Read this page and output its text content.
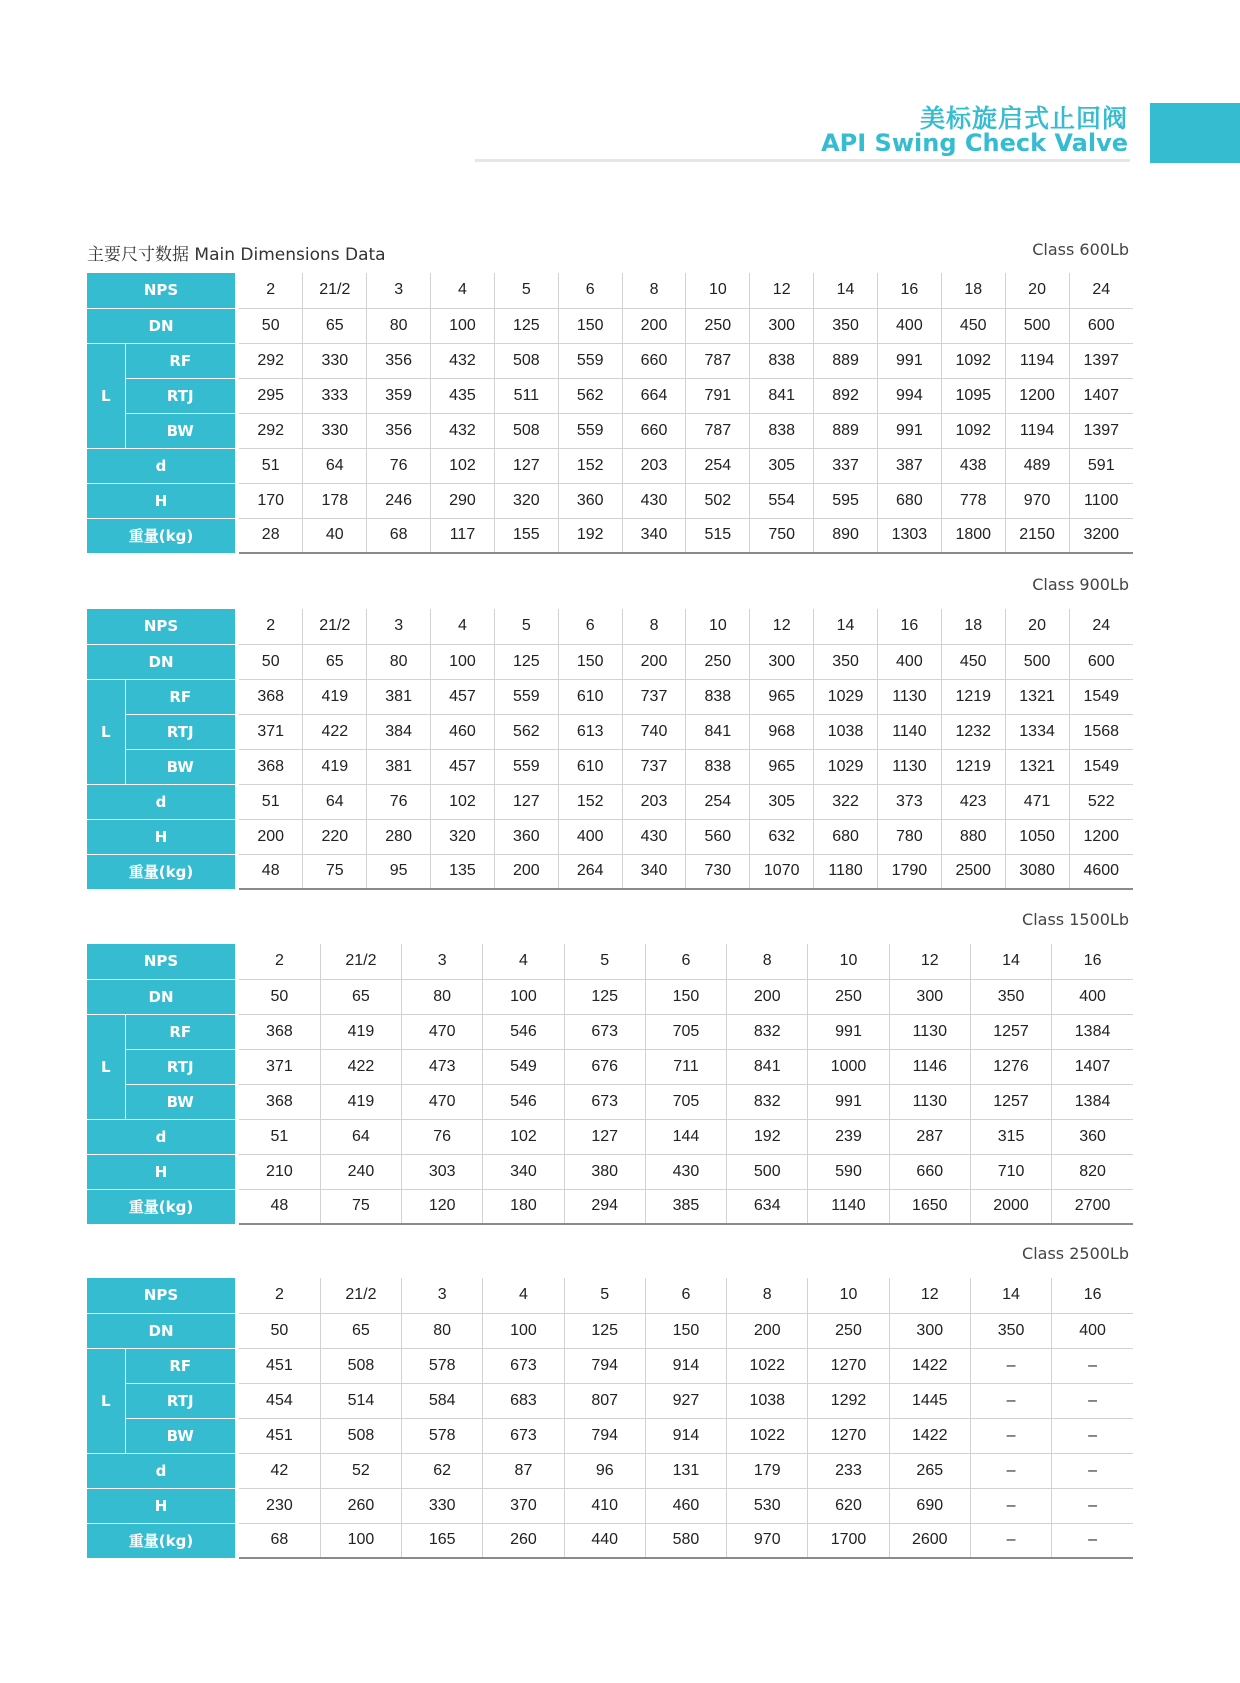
美标旋启式止回阀
API Swing Check Valve
主要尺寸数据 Main Dimensions Data	Class 600Lb
NPS			2	21/2	3	4	5	6	8	10	12	14	16	18	20	24
DN			50	65	80	100	125	150	200	250	300	350	400	450	500	600
L	RF		292	330	356	432	508	559	660	787	838	889	991	1092	1194	1397
	RTJ		295	333	359	435	511	562	664	791	841	892	994	1095	1200	1407
	BW		292	330	356	432	508	559	660	787	838	889	991	1092	1194	1397
d			51	64	76	102	127	152	203	254	305	337	387	438	489	591
H			170	178	246	290	320	360	430	502	554	595	680	778	970	1100
重量(kg)			28	40	68	117	155	192	340	515	750	890	1303	1800	2150	3200
Class 900Lb
NPS			2	21/2	3	4	5	6	8	10	12	14	16	18	20	24
DN			50	65	80	100	125	150	200	250	300	350	400	450	500	600
L	RF		368	419	381	457	559	610	737	838	965	1029	1130	1219	1321	1549
	RTJ		371	422	384	460	562	613	740	841	968	1038	1140	1232	1334	1568
	BW		368	419	381	457	559	610	737	838	965	1029	1130	1219	1321	1549
d			51	64	76	102	127	152	203	254	305	322	373	423	471	522
H			200	220	280	320	360	400	430	560	632	680	780	880	1050	1200
重量(kg)			48	75	95	135	200	264	340	730	1070	1180	1790	2500	3080	4600
Class 1500Lb
NPS			2	21/2	3	4	5	6	8	10	12	14	16
DN			50	65	80	100	125	150	200	250	300	350	400
L	RF		368	419	470	546	673	705	832	991	1130	1257	1384
	RTJ		371	422	473	549	676	711	841	1000	1146	1276	1407
	BW		368	419	470	546	673	705	832	991	1130	1257	1384
d			51	64	76	102	127	144	192	239	287	315	360
H			210	240	303	340	380	430	500	590	660	710	820
重量(kg)			48	75	120	180	294	385	634	1140	1650	2000	2700
Class 2500Lb
NPS			2	21/2	3	4	5	6	8	10	12	14	16
DN			50	65	80	100	125	150	200	250	300	350	400
L	RF		451	508	578	673	794	914	1022	1270	1422	–	–
	RTJ		454	514	584	683	807	927	1038	1292	1445	–	–
	BW		451	508	578	673	794	914	1022	1270	1422	–	–
d			42	52	62	87	96	131	179	233	265	–	–
H			230	260	330	370	410	460	530	620	690	–	–
重量(kg)			68	100	165	260	440	580	970	1700	2600	–	–
